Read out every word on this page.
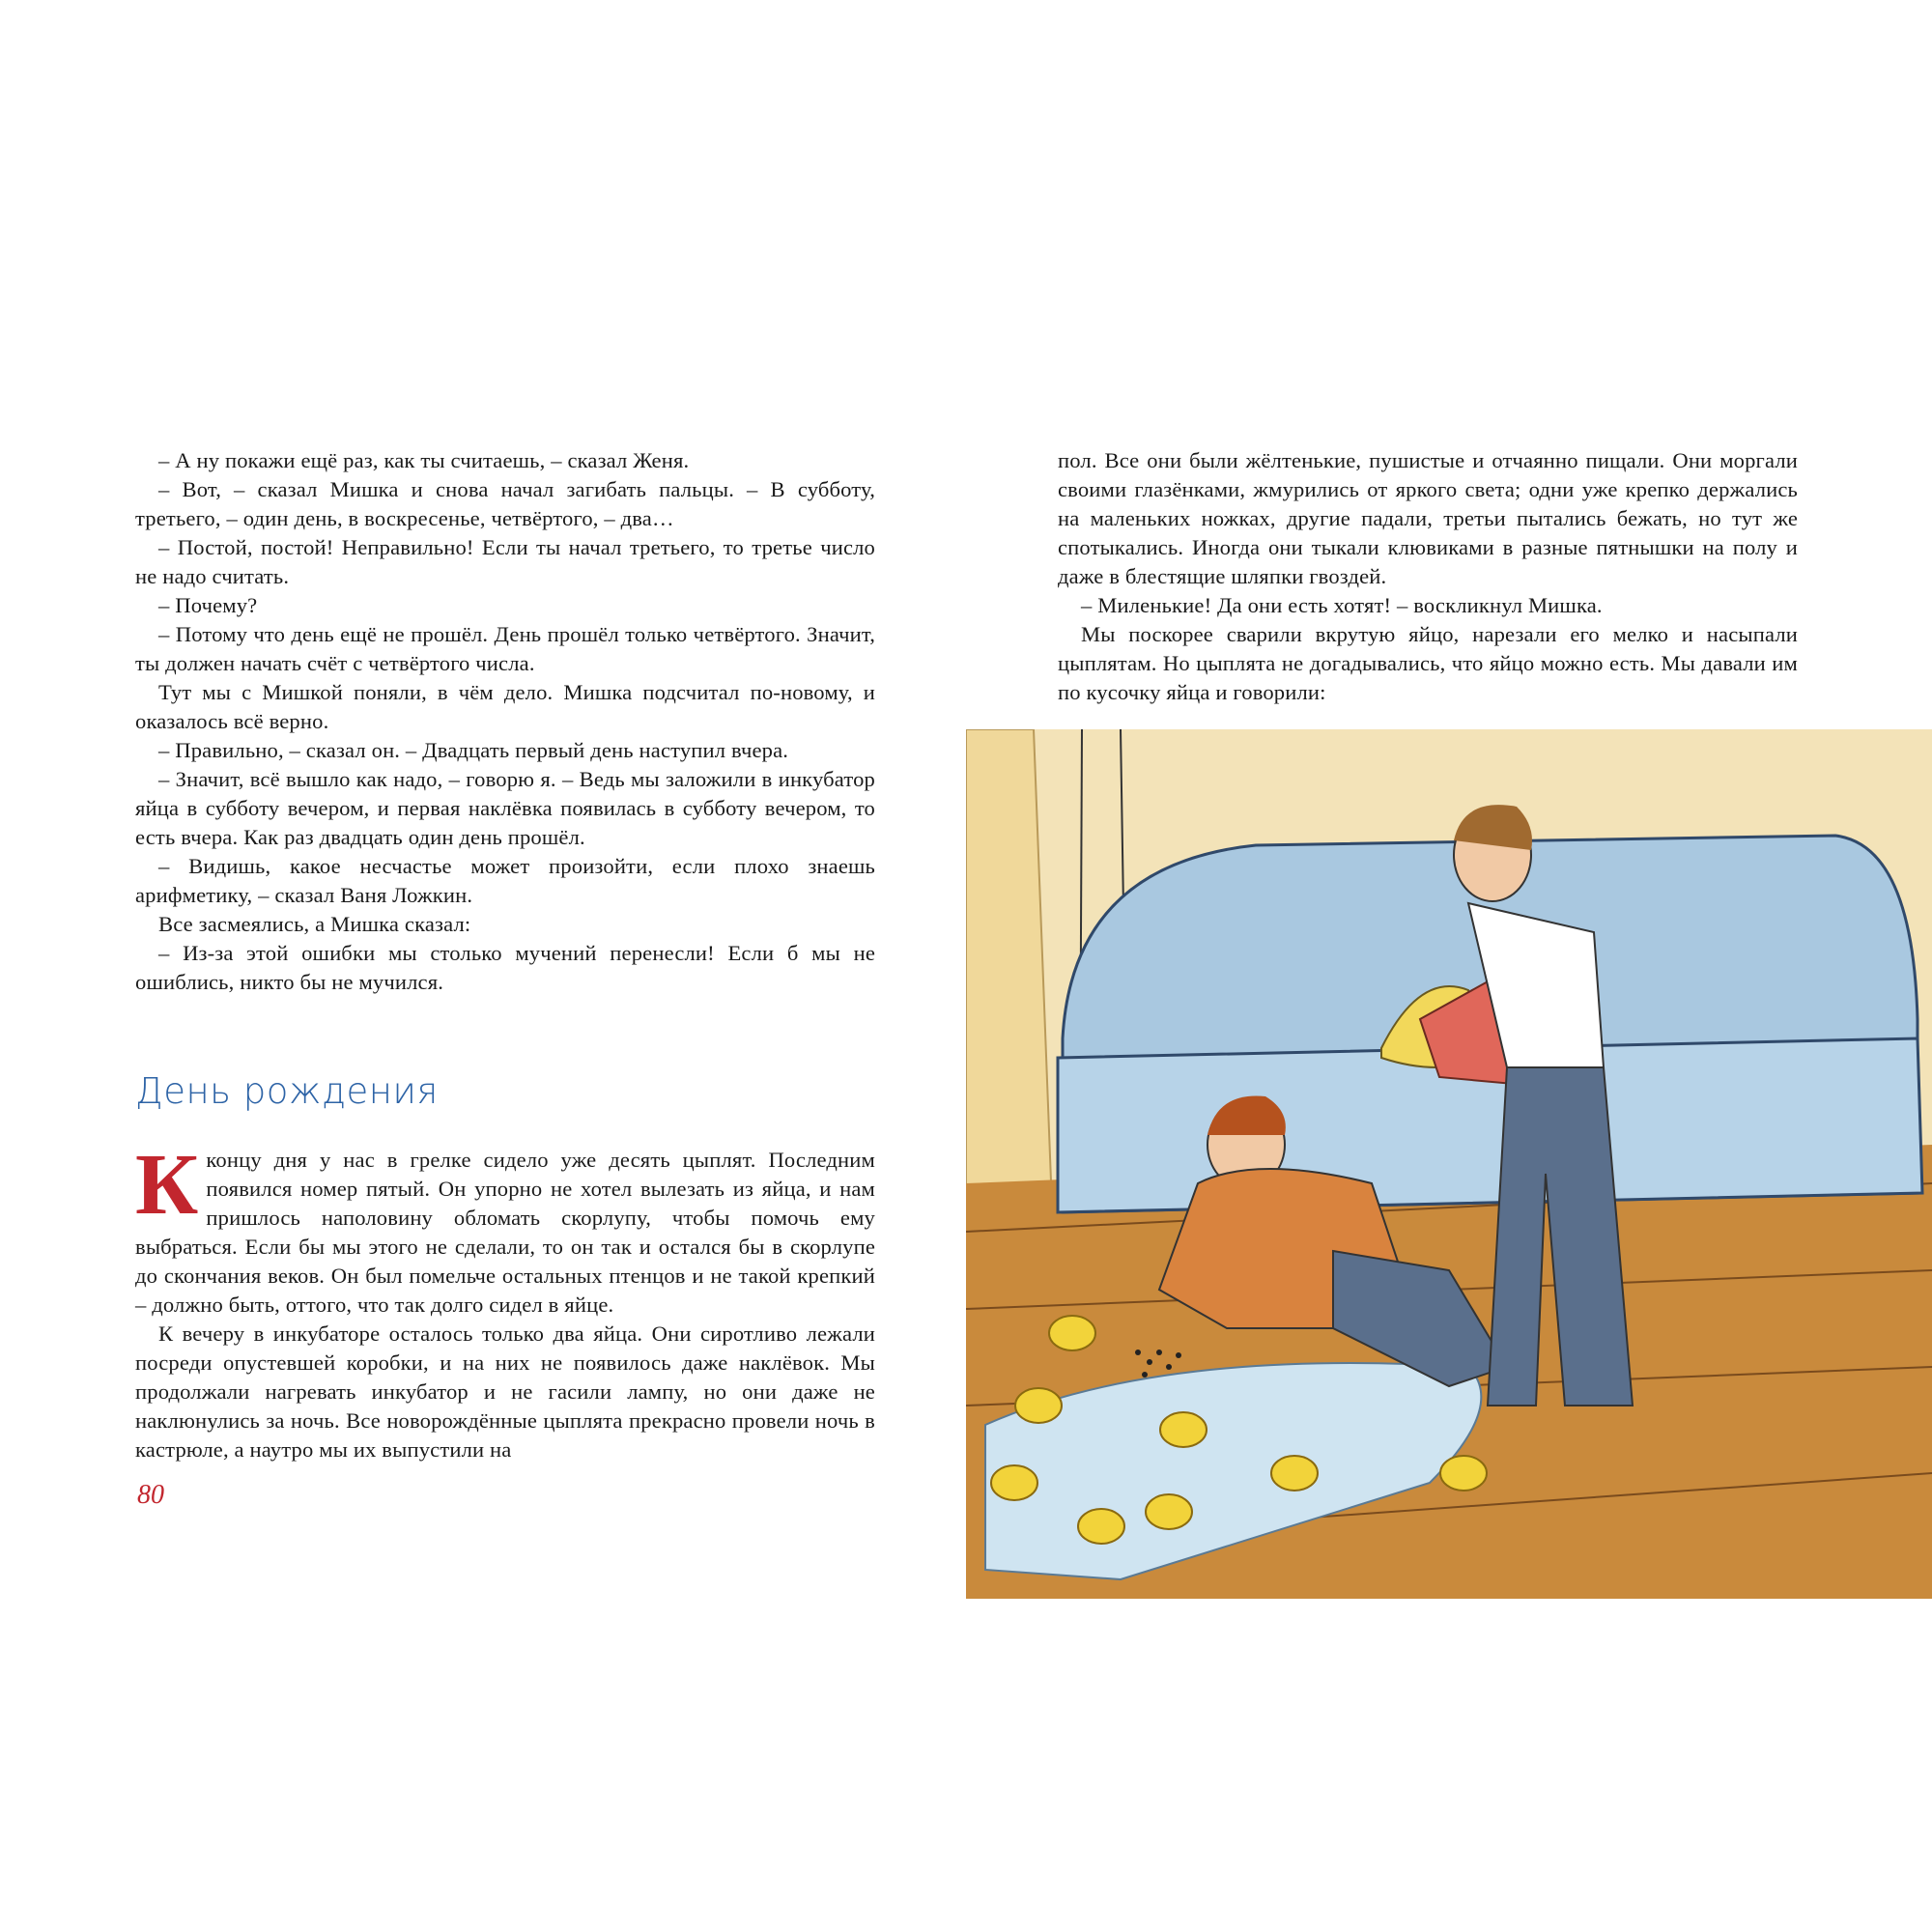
– А ну покажи ещё раз, как ты считаешь, – сказал Женя.

– Вот, – сказал Мишка и снова начал загибать пальцы. – В субботу, третьего, – один день, в воскресенье, четвёртого, – два…

– Постой, постой! Неправильно! Если ты начал третьего, то третье число не надо считать.

– Почему?

– Потому что день ещё не прошёл. День прошёл только четвёртого. Значит, ты должен начать счёт с четвёртого числа.

Тут мы с Мишкой поняли, в чём дело. Мишка подсчитал по-новому, и оказалось всё верно.

– Правильно, – сказал он. – Двадцать первый день наступил вчера.

– Значит, всё вышло как надо, – говорю я. – Ведь мы заложили в инкубатор яйца в субботу вечером, и первая наклёвка появилась в субботу вечером, то есть вчера. Как раз двадцать один день прошёл.

– Видишь, какое несчастье может произойти, если плохо знаешь арифметику, – сказал Ваня Ложкин.

Все засмеялись, а Мишка сказал:

– Из-за этой ошибки мы столько мучений перенесли! Если б мы не ошиблись, никто бы не мучился.

День рождения

Кконцу дня у нас в грелке сидело уже десять цыплят. Последним появился номер пятый. Он упорно не хотел вылезать из яйца, и нам пришлось наполовину обломать скорлупу, чтобы помочь ему выбраться. Если бы мы этого не сделали, то он так и остался бы в скорлупе до скончания веков. Он был помельче остальных птенцов и не такой крепкий – должно быть, оттого, что так долго сидел в яйце.

К вечеру в инкубаторе осталось только два яйца. Они сиротливо лежали посреди опустевшей коробки, и на них не появилось даже наклёвок. Мы продолжали нагревать инкубатор и не гасили лампу, но они даже не наклюнулись за ночь. Все новорождённые цыплята прекрасно провели ночь в кастрюле, а наутро мы их выпустили на

80

пол. Все они были жёлтенькие, пушистые и отчаянно пищали. Они моргали своими глазёнками, жмурились от яркого света; одни уже крепко держались на маленьких ножках, другие падали, третьи пытались бежать, но тут же спотыкались. Иногда они тыкали клювиками в разные пятнышки на полу и даже в блестящие шляпки гвоздей.

– Миленькие! Да они есть хотят! – воскликнул Мишка.

Мы поскорее сварили вкрутую яйцо, нарезали его мелко и насыпали цыплятам. Но цыплята не догадывались, что яйцо можно есть. Мы давали им по кусочку яйца и говорили:
